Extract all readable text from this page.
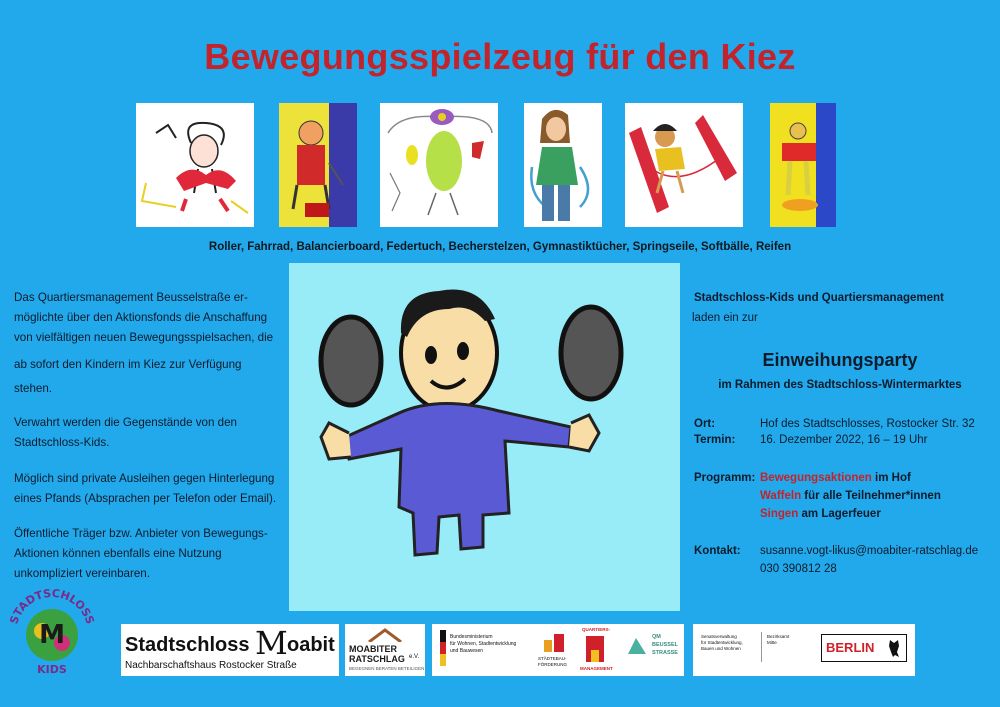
Bewegungsspielzeug für den Kiez
Roller, Fahrrad, Balancierboard, Federtuch, Becherstelzen, Gymnastiktücher, Springseile, Softbälle, Reifen
Das Quartiersmanagement Beusselstraße er-
möglichte über den Aktionsfonds die Anschaffung
von vielfältigen neuen Bewegungsspielsachen, die
ab sofort den Kindern im Kiez zur Verfügung
stehen.
Verwahrt werden die Gegenstände von den
Stadtschloss-Kids.
Möglich sind private Ausleihen gegen Hinterlegung
eines Pfands (Absprachen per Telefon oder Email).
Öffentliche Träger bzw. Anbieter von Bewegungs-
Aktionen können ebenfalls eine Nutzung
unkompliziert vereinbaren.
Stadtschloss-Kids und Quartiersmanagement
laden ein zur
Einweihungsparty
im Rahmen des Stadtschloss-Wintermarktes
Ort:	Hof des Stadtschlosses, Rostocker Str. 32
Termin: 16. Dezember 2022, 16 – 19 Uhr
Programm: Bewegungsaktionen im Hof
Waffeln für alle Teilnehmer*innen
Singen am Lagerfeuer
Kontakt: susanne.vogt-likus@moabiter-ratschlag.de
030 390812 28
M
STADTSCHLOSS
KIDS
Stadtschloss M oabit
Nachbarschaftshaus Rostocker Straße
MOABITER
RATSCHLAG e.V.
BEGEGNEN BERATEN BETEILIGEN
Bundesministerium
für Wohnen, Stadtentwicklung
und Bauwesen
STÄDTEBAU-
FÖRDERUNG
QUARTIERS-
MANAGEMENT
QM
BEUSSEL
STRASSE
Senatsverwaltung
für Stadtentwicklung,
Bauen und Wohnen
Bezirksamt
Mitte	BERLIN
